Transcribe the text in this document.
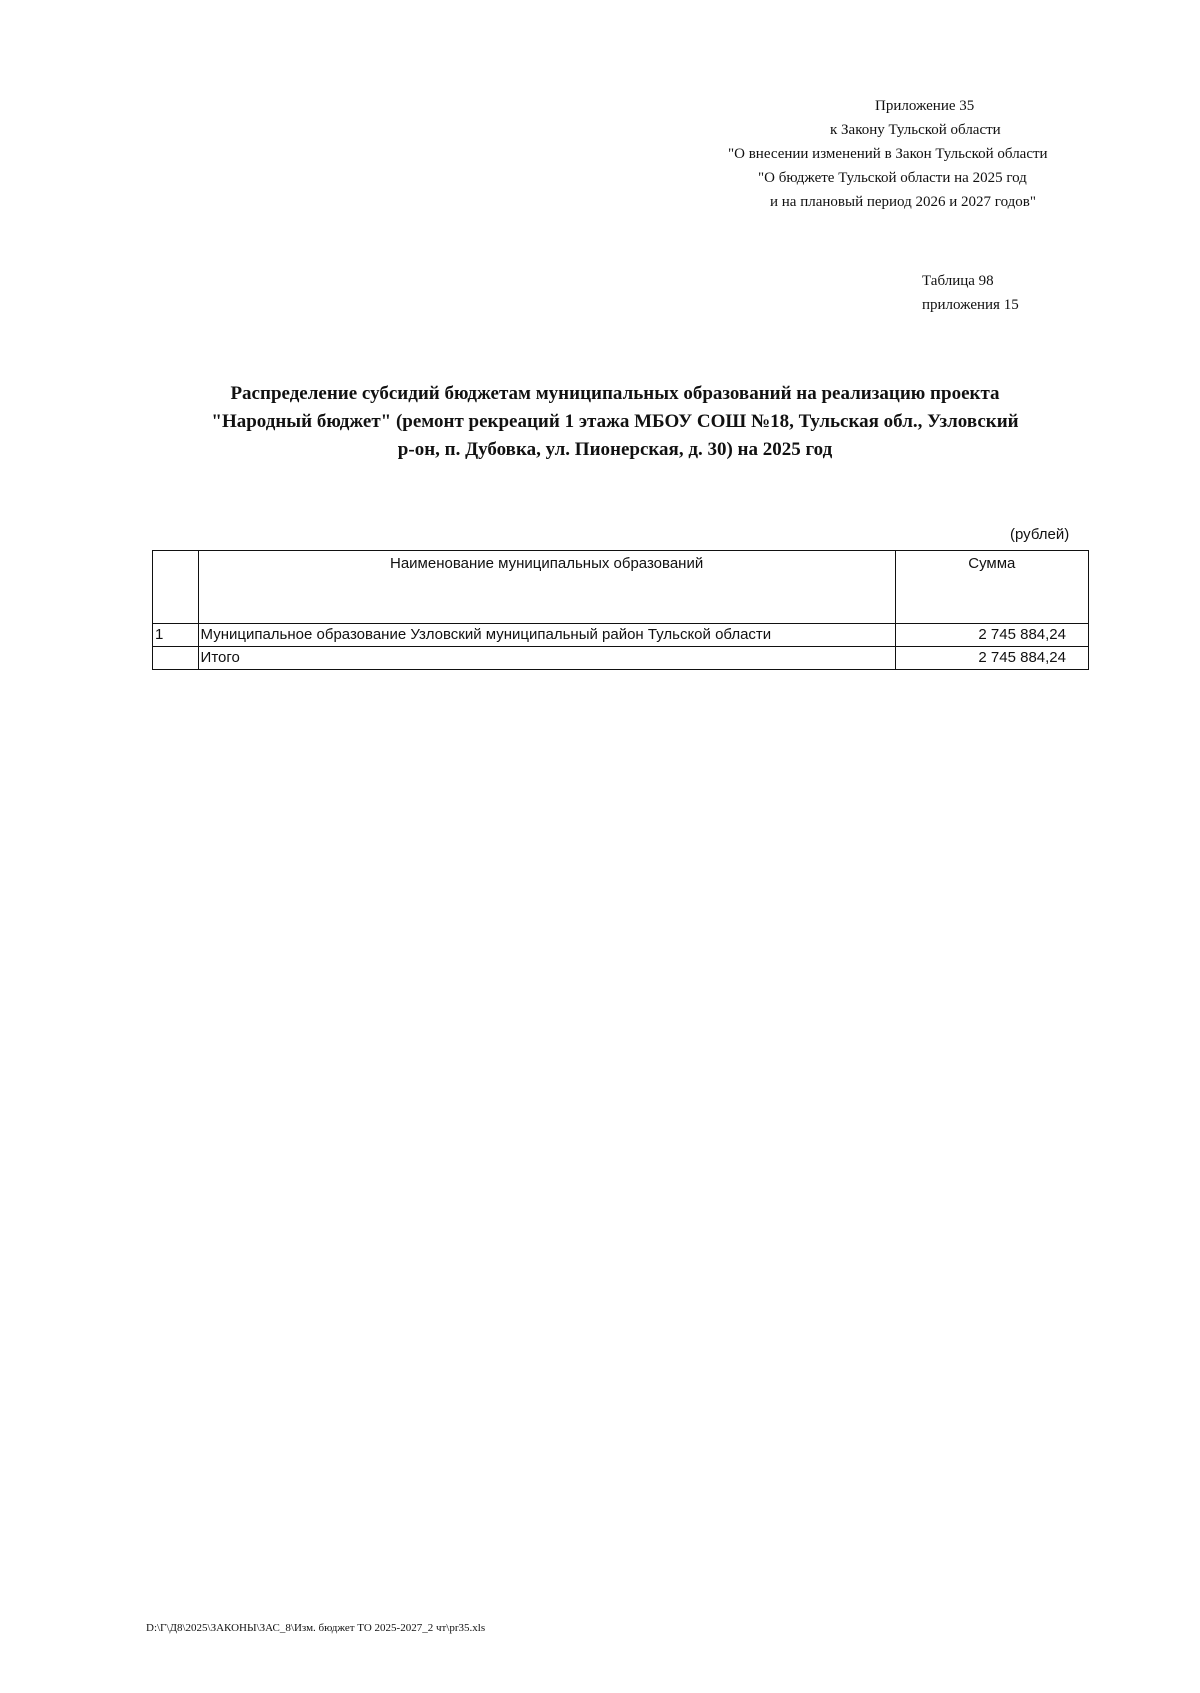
Приложение 35
к Закону Тульской области
"О внесении изменений в Закон Тульской области
"О бюджете Тульской области на 2025 год
и на плановый период 2026 и 2027 годов"
Таблица 98
приложения 15
Распределение субсидий бюджетам муниципальных образований на реализацию проекта
"Народный бюджет" (ремонт рекреаций 1 этажа МБОУ СОШ №18, Тульская обл., Узловский
р-он, п. Дубовка, ул. Пионерская, д. 30) на 2025 год
(рублей)
	Наименование муниципальных образований	Сумма
1	Муниципальное образование Узловский муниципальный район Тульской области	2 745 884,24
	Итого	2 745 884,24
D:\Г\Д8\2025\ЗАКОНЫ\ЗАС_8\Изм. бюджет ТО 2025-2027_2 чт\pr35.xls
